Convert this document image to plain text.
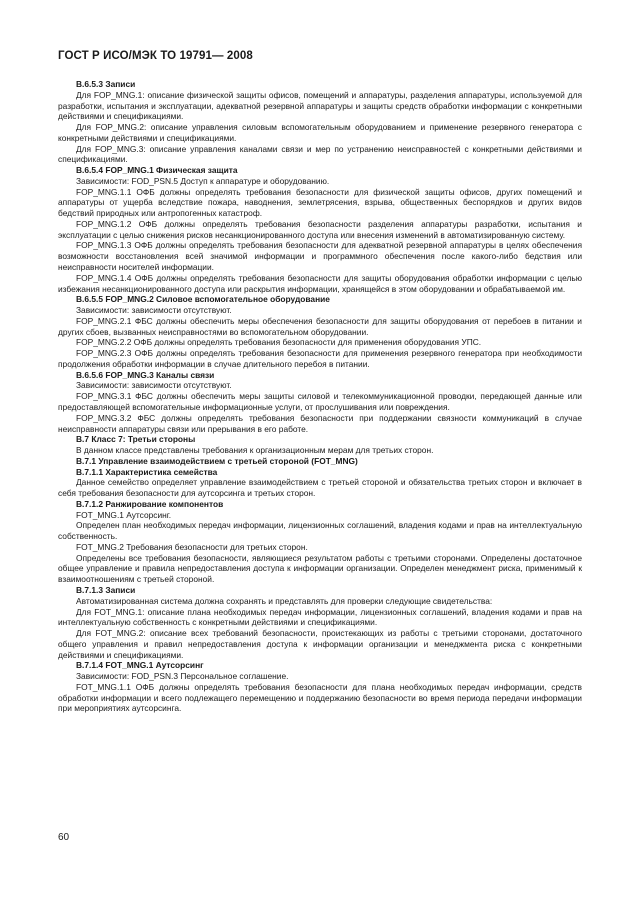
ГОСТ Р ИСО/МЭК ТО 19791— 2008

B.6.5.3 Записи

Для FOP_MNG.1: описание физической защиты офисов, помещений и аппаратуры, разделения аппаратуры, используемой для разработки, испытания и эксплуатации, адекватной резервной аппаратуры и защиты средств обработки информации с конкретными действиями и спецификациями.

Для FOP_MNG.2: описание управления силовым вспомогательным оборудованием и применение резервного генератора с конкретными действиями и спецификациями.

Для FOP_MNG.3: описание управления каналами связи и мер по устранению неисправностей с конкретными действиями и спецификациями.

B.6.5.4 FOP_MNG.1 Физическая защита

Зависимости: FOD_PSN.5 Доступ к аппаратуре и оборудованию.

FOP_MNG.1.1 ОФБ должны определять требования безопасности для физической защиты офисов, других помещений и аппаратуры от ущерба вследствие пожара, наводнения, землетрясения, взрыва, общественных беспорядков и других видов бедствий природных или антропогенных катастроф.

FOP_MNG.1.2 ОФБ должны определять требования безопасности разделения аппаратуры разработки, испытания и эксплуатации с целью снижения рисков несанкционированного доступа или внесения изменений в автоматизированную систему.

FOP_MNG.1.3 ОФБ должны определять требования безопасности для адекватной резервной аппаратуры в целях обеспечения возможности восстановления всей значимой информации и программного обеспечения после какого-либо бедствия или неисправности носителей информации.

FOP_MNG.1.4 ОФБ должны определять требования безопасности для защиты оборудования обработки информации с целью избежания несанкционированного доступа или раскрытия информации, хранящейся в этом оборудовании и обрабатываемой им.

B.6.5.5 FOP_MNG.2 Силовое вспомогательное оборудование

Зависимости: зависимости отсутствуют.

FOP_MNG.2.1 ФБС должны обеспечить меры обеспечения безопасности для защиты оборудования от перебоев в питании и других сбоев, вызванных неисправностями во вспомогательном оборудовании.

FOP_MNG.2.2 ОФБ должны определять требования безопасности для применения оборудования УПС.

FOP_MNG.2.3 ОФБ должны определять требования безопасности для применения резервного генератора при необходимости продолжения обработки информации в случае длительного перебоя в питании.

B.6.5.6 FOP_MNG.3 Каналы связи

Зависимости: зависимости отсутствуют.

FOP_MNG.3.1 ФБС должны обеспечить меры защиты силовой и телекоммуникационной проводки, передающей данные или предоставляющей вспомогательные информационные услуги, от прослушивания или повреждения.

FOP_MNG.3.2 ФБС должны определять требования безопасности при поддержании связности коммуникаций в случае неисправности аппаратуры связи или прерывания в его работе.

B.7 Класс 7: Третьи стороны

В данном классе представлены требования к организационным мерам для третьих сторон.

B.7.1 Управление взаимодействием с третьей стороной (FOT_MNG)

B.7.1.1 Характеристика семейства

Данное семейство определяет управление взаимодействием с третьей стороной и обязательства третьих сторон и включает в себя требования безопасности для аутсорсинга и третьих сторон.

B.7.1.2 Ранжирование компонентов

FOT_MNG.1 Аутсорсинг.

Определен план необходимых передач информации, лицензионных соглашений, владения кодами и прав на интеллектуальную собственность.

FOT_MNG.2 Требования безопасности для третьих сторон.

Определены все требования безопасности, являющиеся результатом работы с третьими сторонами. Определены достаточное общее управление и правила непредоставления доступа к информации организации. Определен менеджмент риска, применимый к взаимоотношениям с третьей стороной.

B.7.1.3 Записи

Автоматизированная система должна сохранять и представлять для проверки следующие свидетельства:

Для FOT_MNG.1: описание плана необходимых передач информации, лицензионных соглашений, владения кодами и прав на интеллектуальную собственность с конкретными действиями и спецификациями.

Для FOT_MNG.2: описание всех требований безопасности, проистекающих из работы с третьими сторонами, достаточного общего управления и правил непредоставления доступа к информации организации и менеджмента риска с конкретными действиями и спецификациями.

B.7.1.4 FOT_MNG.1 Аутсорсинг

Зависимости: FOD_PSN.3 Персональное соглашение.

FOT_MNG.1.1 ОФБ должны определять требования безопасности для плана необходимых передач информации, средств обработки информации и всего подлежащего перемещению и поддержанию безопасности во время периода передачи информации при мероприятиях аутсорсинга.

60
